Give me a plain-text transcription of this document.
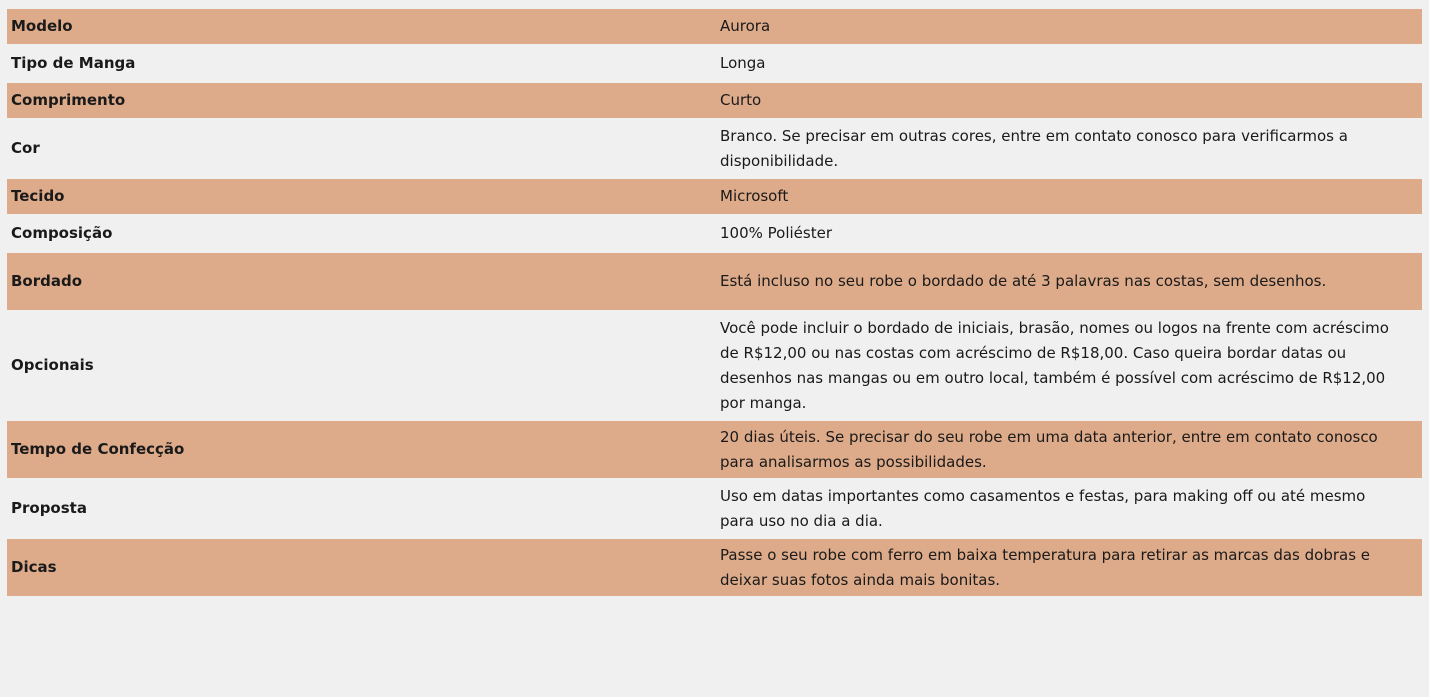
Modelo	Aurora
Tipo de Manga	Longa
Comprimento	Curto
Cor	Branco. Se precisar em outras cores, entre em contato conosco para verificarmos a disponibilidade.
Tecido	Microsoft
Composição	100% Poliéster
Bordado	Está incluso no seu robe o bordado de até 3 palavras nas costas, sem desenhos.
Opcionais	Você pode incluir o bordado de iniciais, brasão, nomes ou logos na frente com acréscimo de R$12,00 ou nas costas com acréscimo de R$18,00. Caso queira bordar datas ou desenhos nas mangas ou em outro local, também é possível com acréscimo de R$12,00 por manga.
Tempo de Confecção	20 dias úteis. Se precisar do seu robe em uma data anterior, entre em contato conosco para analisarmos as possibilidades.
Proposta	Uso em datas importantes como casamentos e festas, para making off ou até mesmo para uso no dia a dia.
Dicas	Passe o seu robe com ferro em baixa temperatura para retirar as marcas das dobras e deixar suas fotos ainda mais bonitas.
